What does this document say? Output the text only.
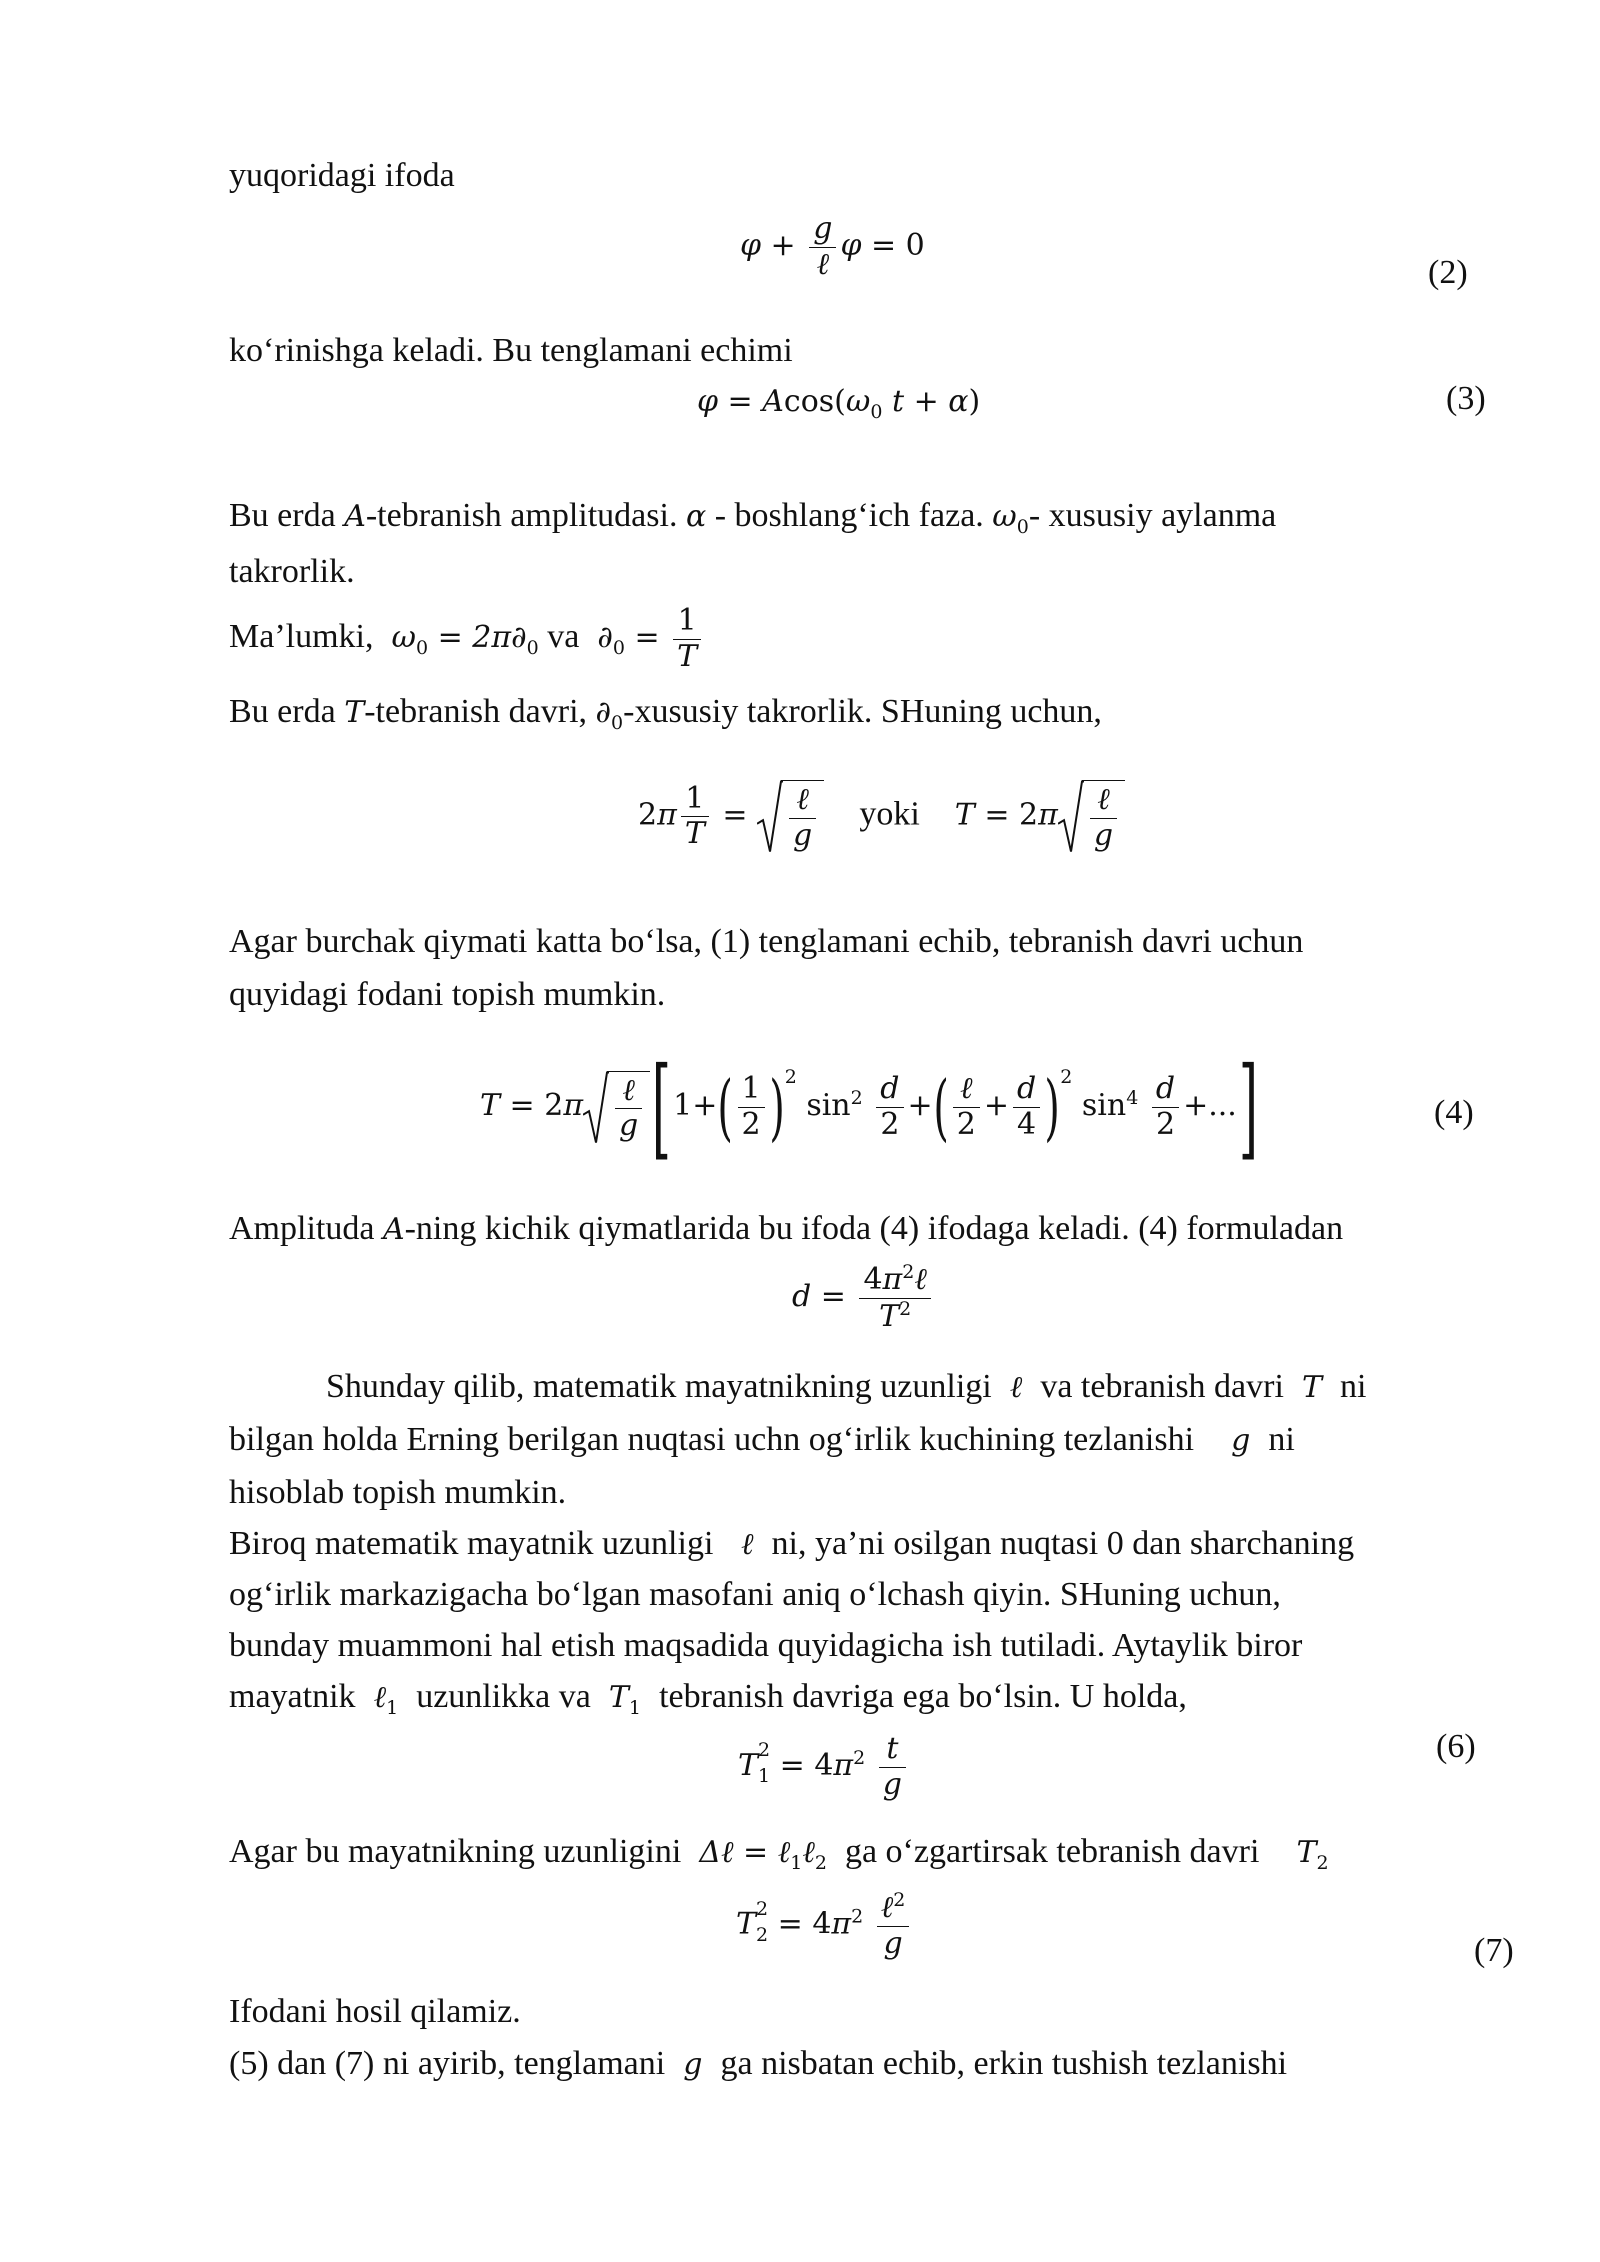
yuqoridagi ifoda
$\varphi + \frac{g}{\text{ℓ}}$ φ = 0
(2)
ko‘rinishga keladi. Bu tenglamani echimi
$\varphi = Acos(\omega_0$ t + α)	(3)
Bu erda A-tebranish amplitudasi. α - boshlang‘ich faza. $\omega_0-$ xususiy aylanma
takrorlik.
Ma’lumki,  $\omega_0 = 2\pi\partial_0$ va  $\partial_0 = \frac{1}{T}$
Bu erda T-tebranish davri, $\partial_0$-xususiy takrorlik. SHuning uchun,
$2\pi \frac{1}{T} = \frac{\text{ℓ}}{g}$ yoki    $T = 2\pi \frac{\text{ℓ}}{g}$
Agar burchak qiymati katta bo‘lsa, (1) tenglamani echib, tebranish davri uchun
quyidagi fodani topish mumkin.
$T = 2\pi \frac{\text{ℓ}}{g} [1+( \frac{1}{2} )^2$ $\sin^2 \frac{d}{2}$ +( $\frac{\text{ℓ}}{2} + \frac{d}{4} )^2$ $\sin^4 \frac{d}{2}$ +...]	(4)
Amplituda A-ning kichik qiymatlarida bu ifoda (4) ifodaga keladi. (4) formuladan
$d = \frac{4\pi^2\ell}{T^2}$
Shunday qilib, matematik mayatnikning uzunligi  ℓ  va tebranish davri  T  ni
bilgan holda Erning berilgan nuqtasi uchn og‘irlik kuchining tezlanishi    g  ni
hisoblab topish mumkin.
Biroq matematik mayatnik uzunligi   ℓ  ni, ya’ni osilgan nuqtasi 0 dan sharchaning
og‘irlik markazigacha bo‘lgan masofani aniq o‘lchash qiyin. SHuning uchun,
bunday muammoni hal etish maqsadida quyidagicha ish tutiladi. Aytaylik biror
mayatnik  ℓ$_1$ uzunlikka va  $T_1$ tebranish davriga ega bo‘lsin. U holda,
T $_{2 1} = 4\pi^2 \frac{t}{g}$	(6)
Agar bu mayatnikning uzunligini  Δℓ = ℓ$_1$ℓ$_2$ ga o‘zgartirsak tebranish davri    $T_2$
T $_{2 2} = 4\pi^2 \frac{\ell^2}{g}$	(7)
Ifodani hosil qilamiz.
(5) dan (7) ni ayirib, tenglamani  g  ga nisbatan echib, erkin tushish tezlanishi
